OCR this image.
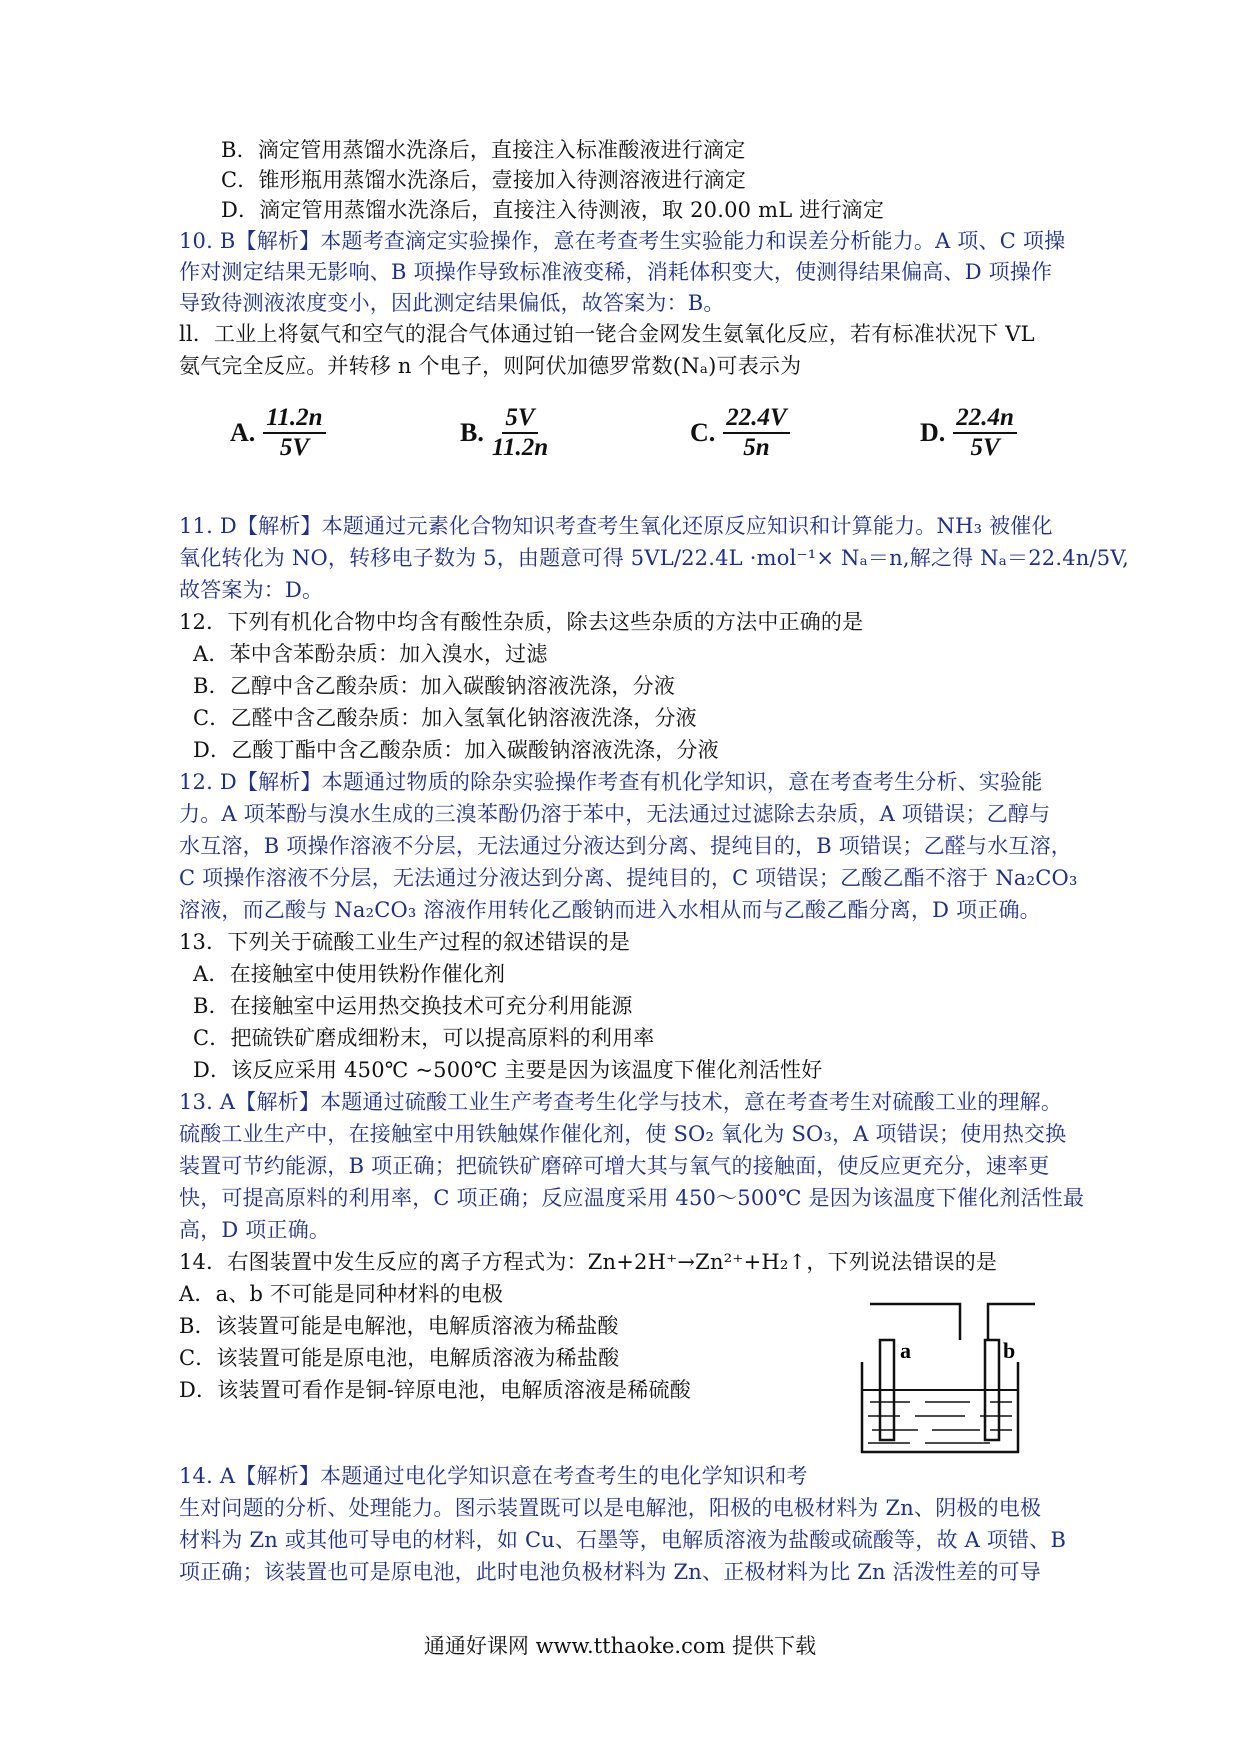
B．滴定管用蒸馏水洗涤后，直接注入标准酸液进行滴定
C．锥形瓶用蒸馏水洗涤后，壹接加入待测溶液进行滴定
D．滴定管用蒸馏水洗涤后，直接注入待测液，取 20.00 mL 进行滴定
10. B【解析】本题考查滴定实验操作，意在考查考生实验能力和误差分析能力。A 项、C 项操
作对测定结果无影响、B 项操作导致标准液变稀，消耗体积变大，使测得结果偏高、D 项操作
导致待测液浓度变小，因此测定结果偏低，故答案为：B。
ll．工业上将氨气和空气的混合气体通过铂一铑合金网发生氨氧化反应，若有标准状况下 VL
氨气完全反应。并转移 n 个电子，则阿伏加德罗常数(Nₐ)可表示为
A. $\frac{11.2n}{5V}$	B. $\frac{5V}{11.2n}$	C. $\frac{22.4V}{5n}$	D. $\frac{22.4n}{5V}$
11. D【解析】本题通过元素化合物知识考查考生氧化还原反应知识和计算能力。NH₃ 被催化
氧化转化为 NO，转移电子数为 5，由题意可得 5VL/22.4L ·mol⁻¹× Nₐ＝n,解之得 Nₐ＝22.4n/5V,
故答案为：D。
12．下列有机化合物中均含有酸性杂质，除去这些杂质的方法中正确的是
A．苯中含苯酚杂质：加入溴水，过滤
B．乙醇中含乙酸杂质：加入碳酸钠溶液洗涤，分液
C．乙醛中含乙酸杂质：加入氢氧化钠溶液洗涤，分液
D．乙酸丁酯中含乙酸杂质：加入碳酸钠溶液洗涤，分液
12. D【解析】本题通过物质的除杂实验操作考查有机化学知识，意在考查考生分析、实验能
力。A 项苯酚与溴水生成的三溴苯酚仍溶于苯中，无法通过过滤除去杂质，A 项错误；乙醇与
水互溶，B 项操作溶液不分层，无法通过分液达到分离、提纯目的，B 项错误；乙醛与水互溶，
C 项操作溶液不分层，无法通过分液达到分离、提纯目的，C 项错误；乙酸乙酯不溶于 Na₂CO₃
溶液，而乙酸与 Na₂CO₃ 溶液作用转化乙酸钠而进入水相从而与乙酸乙酯分离，D 项正确。
13．下列关于硫酸工业生产过程的叙述错误的是
A．在接触室中使用铁粉作催化剂
B．在接触室中运用热交换技术可充分利用能源
C．把硫铁矿磨成细粉末，可以提高原料的利用率
D．该反应采用 450℃ ~500℃ 主要是因为该温度下催化剂活性好
13. A【解析】本题通过硫酸工业生产考查考生化学与技术，意在考查考生对硫酸工业的理解。
硫酸工业生产中，在接触室中用铁触媒作催化剂，使 SO₂ 氧化为 SO₃，A 项错误；使用热交换
装置可节约能源，B 项正确；把硫铁矿磨碎可增大其与氧气的接触面，使反应更充分，速率更
快，可提高原料的利用率，C 项正确；反应温度采用 450～500℃ 是因为该温度下催化剂活性最
高，D 项正确。
14．右图装置中发生反应的离子方程式为：Zn+2H⁺→Zn²⁺+H₂↑，下列说法错误的是
A．a、b 不可能是同种材料的电极
B．该装置可能是电解池，电解质溶液为稀盐酸
C．该装置可能是原电池，电解质溶液为稀盐酸
D．该装置可看作是铜-锌原电池，电解质溶液是稀硫酸
a	b
14. A【解析】本题通过电化学知识意在考查考生的电化学知识和考
生对问题的分析、处理能力。图示装置既可以是电解池，阳极的电极材料为 Zn、阴极的电极
材料为 Zn 或其他可导电的材料，如 Cu、石墨等，电解质溶液为盐酸或硫酸等，故 A 项错、B
项正确；该装置也可是原电池，此时电池负极材料为 Zn、正极材料为比 Zn 活泼性差的可导
通通好课网 www.tthaoke.com 提供下载
